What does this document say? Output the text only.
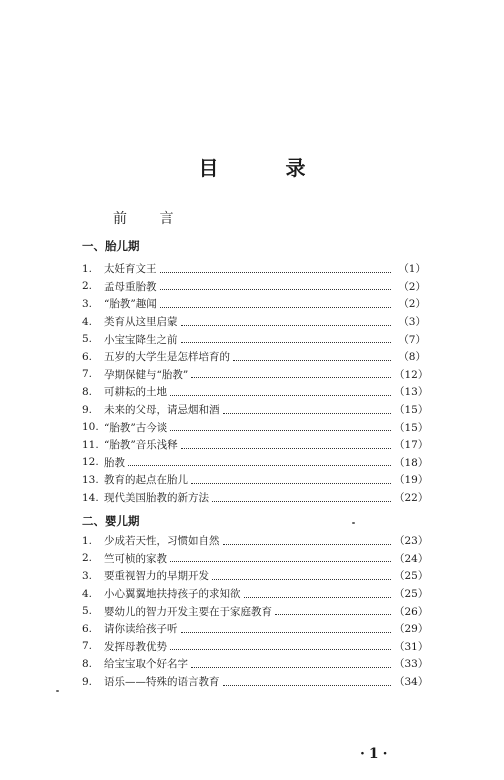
目 录
前 言
一、胎儿期
1.	太妊育文王	（1）
2.	孟母重胎教	（2）
3.	“胎教”趣闻	（2）
4.	类育从这里启蒙	（3）
5.	小宝宝降生之前	（7）
6.	五岁的大学生是怎样培育的	（8）
7.	孕期保健与“胎教”	（12）
8.	可耕耘的土地	（13）
9.	未来的父母，请忌烟和酒	（15）
10. “胎教”古今谈	（15）
11. “胎教”音乐浅释	（17）
12. 胎教	（18）
13. 教育的起点在胎儿	（19）
14. 现代美国胎教的新方法	（22）
二、婴儿期
1.	少成若天性，习惯如自然	（23）
2.	竺可桢的家教	（24）
3.	要重视智力的早期开发	（25）
4.	小心翼翼地扶持孩子的求知欲	（25）
5.	婴幼儿的智力开发主要在于家庭教育	（26）
6.	请你读给孩子听	（29）
7.	发挥母教优势	（31）
8.	给宝宝取个好名字	（33）
9.	语乐——特殊的语言教育	（34）
·1·
